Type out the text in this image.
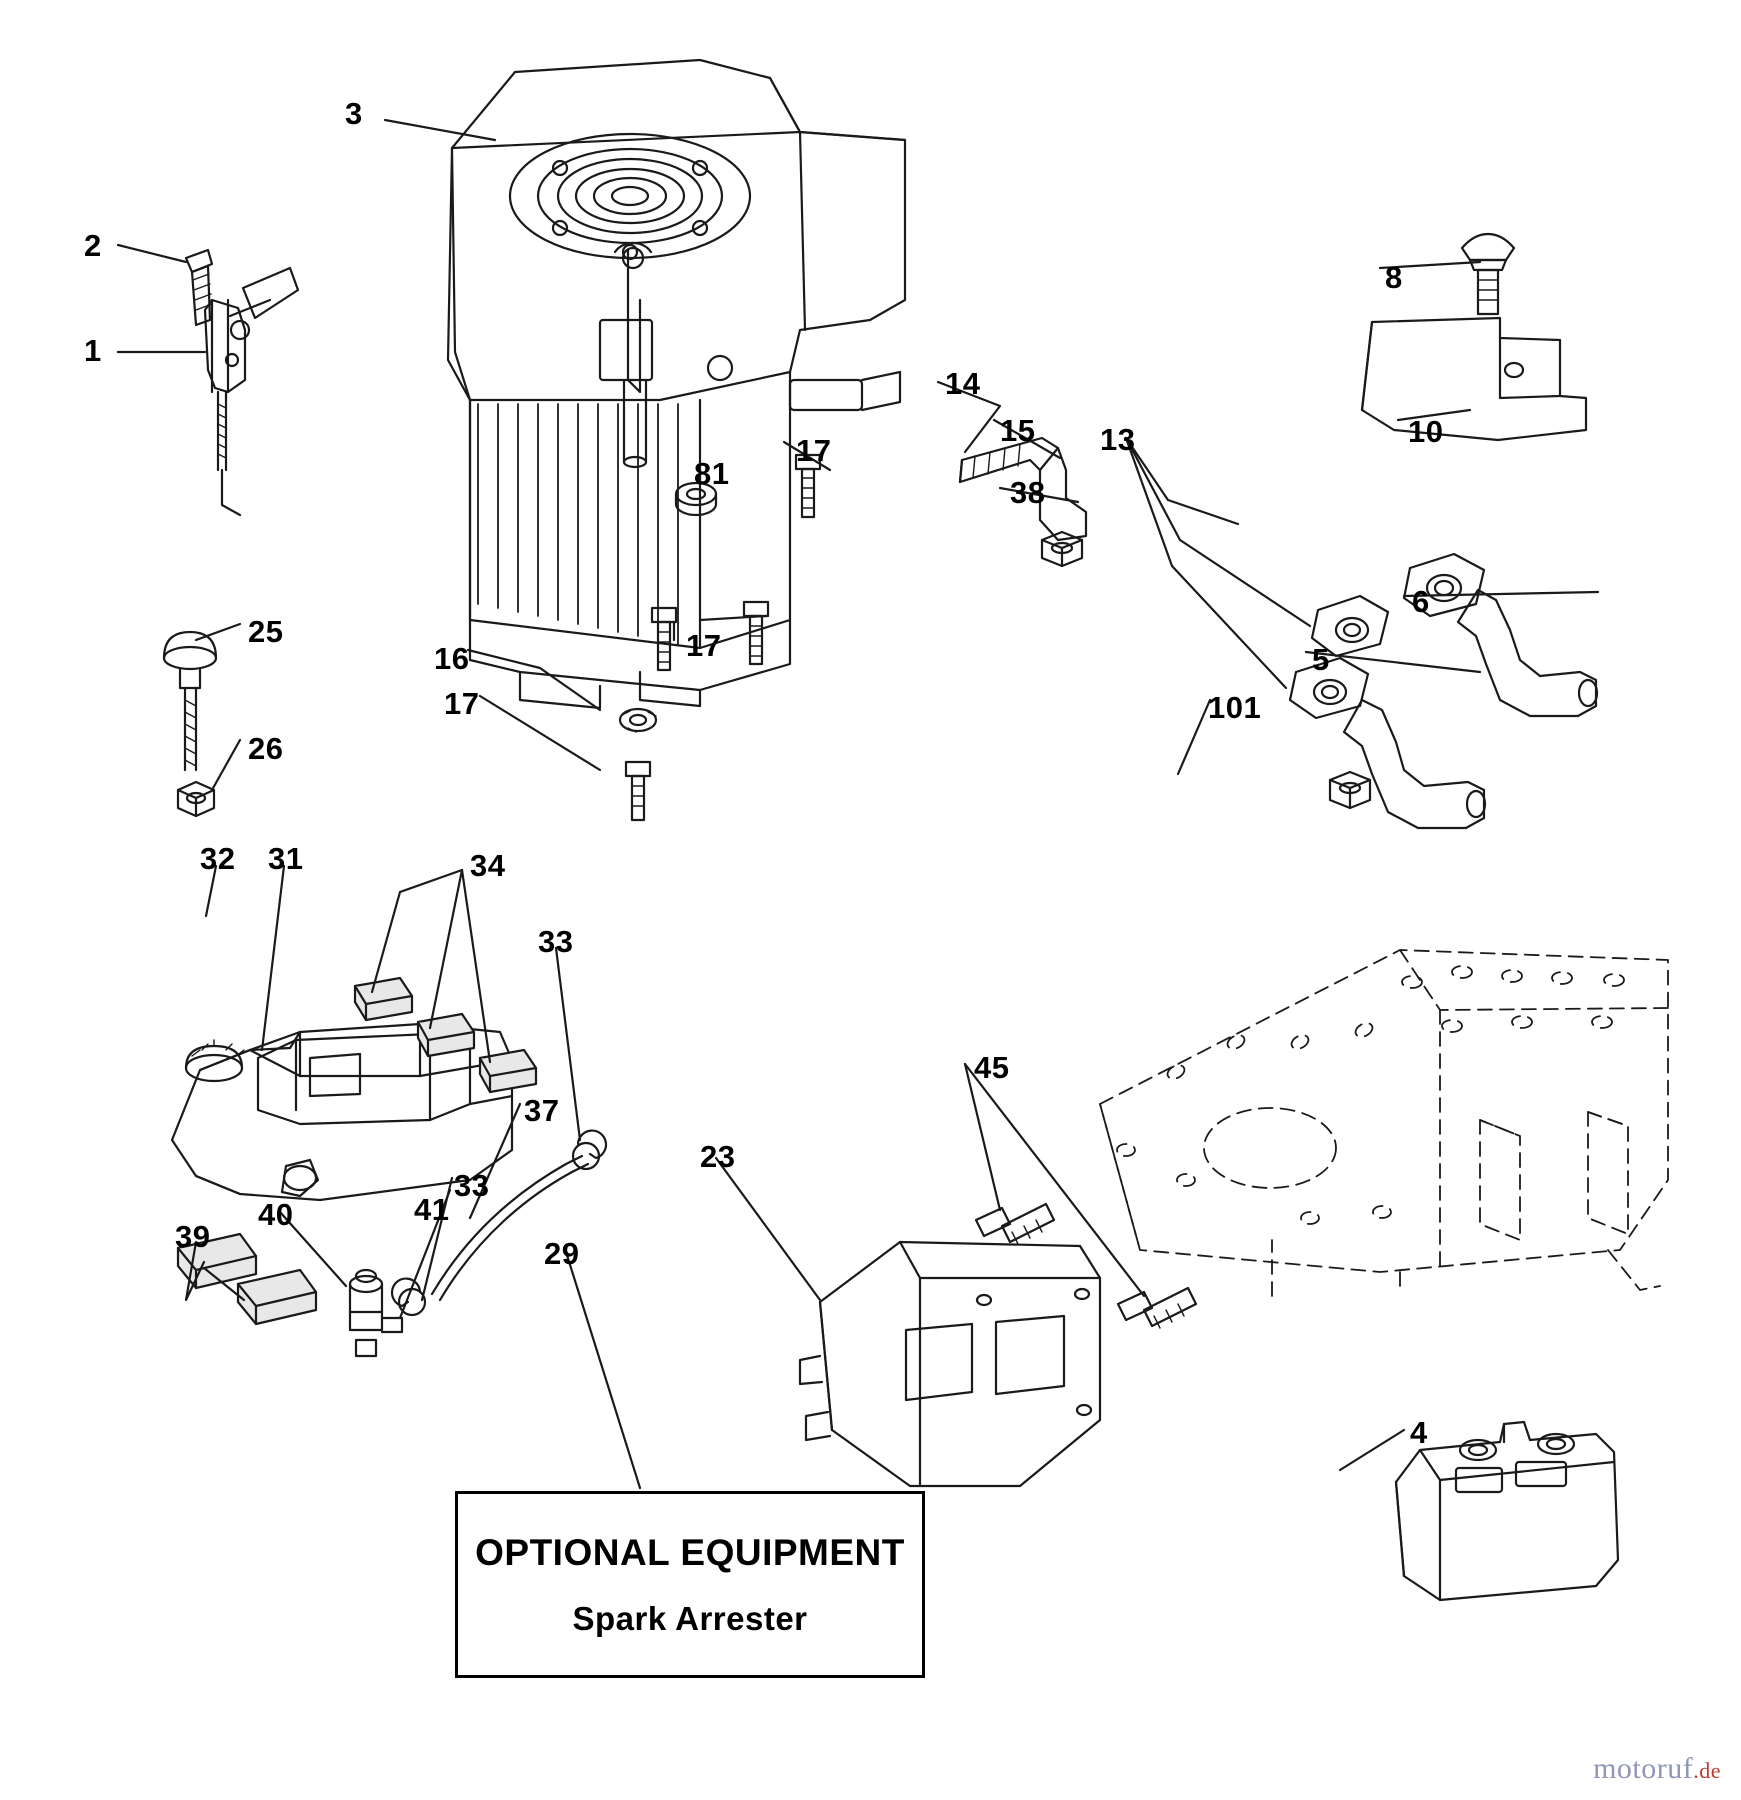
3
2
1
8
14
15	10
13
17
81
38
6
25
5
17
16
17	101
26
32 31	34
33
45
37
23
39
40	41
33
29
4
OPTIONAL EQUIPMENT
Spark Arrester
motoruf.de
